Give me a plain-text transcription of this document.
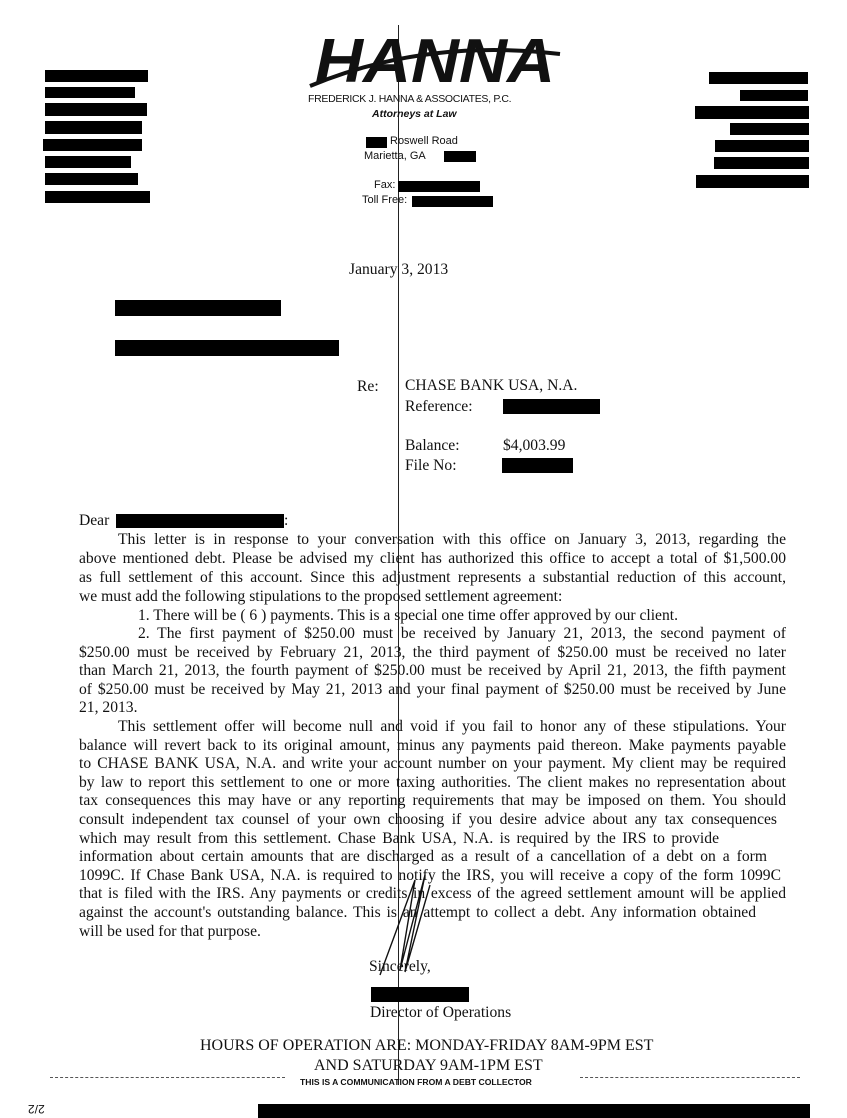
HANNA
FREDERICK J. HANNA & ASSOCIATES, P.C.
Attorneys at Law
Roswell Road
Marietta, GA
Fax:
Toll Free:
January 3, 2013
Re: CHASE BANK USA, N.A.
Reference:
Balance:	$4,003.99
File No:
Dear	:
This letter is in response to your conversation with this office on January 3, 2013, regarding the
above mentioned debt. Please be advised my client has authorized this office to accept a total of $1,500.00
as full settlement of this account. Since this adjustment represents a substantial reduction of this account,
we must add the following stipulations to the proposed settlement agreement:
1. There will be ( 6 ) payments. This is a special one time offer approved by our client.
2. The first payment of $250.00 must be received by January 21, 2013, the second payment of
$250.00 must be received by February 21, 2013, the third payment of $250.00 must be received no later
than March 21, 2013, the fourth payment of $250.00 must be received by April 21, 2013, the fifth payment
of $250.00 must be received by May 21, 2013 and your final payment of $250.00 must be received by June
21, 2013.
This settlement offer will become null and void if you fail to honor any of these stipulations. Your
balance will revert back to its original amount, minus any payments paid thereon. Make payments payable
to CHASE BANK USA, N.A. and write your account number on your payment. My client may be required
by law to report this settlement to one or more taxing authorities. The client makes no representation about
tax consequences this may have or any reporting requirements that may be imposed on them. You should
consult independent tax counsel of your own choosing if you desire advice about any tax consequences
which may result from this settlement. Chase Bank USA, N.A. is required by the IRS to provide
information about certain amounts that are discharged as a result of a cancellation of a debt on a form
1099C. If Chase Bank USA, N.A. is required to notify the IRS, you will receive a copy of the form 1099C
that is filed with the IRS. Any payments or credits in excess of the agreed settlement amount will be applied
against the account's outstanding balance. This is an attempt to collect a debt. Any information obtained
will be used for that purpose.
Sincerely,
Director of Operations
HOURS OF OPERATION ARE: MONDAY-FRIDAY 8AM-9PM EST
AND SATURDAY 9AM-1PM EST
THIS IS A COMMUNICATION FROM A DEBT COLLECTOR
2/2
